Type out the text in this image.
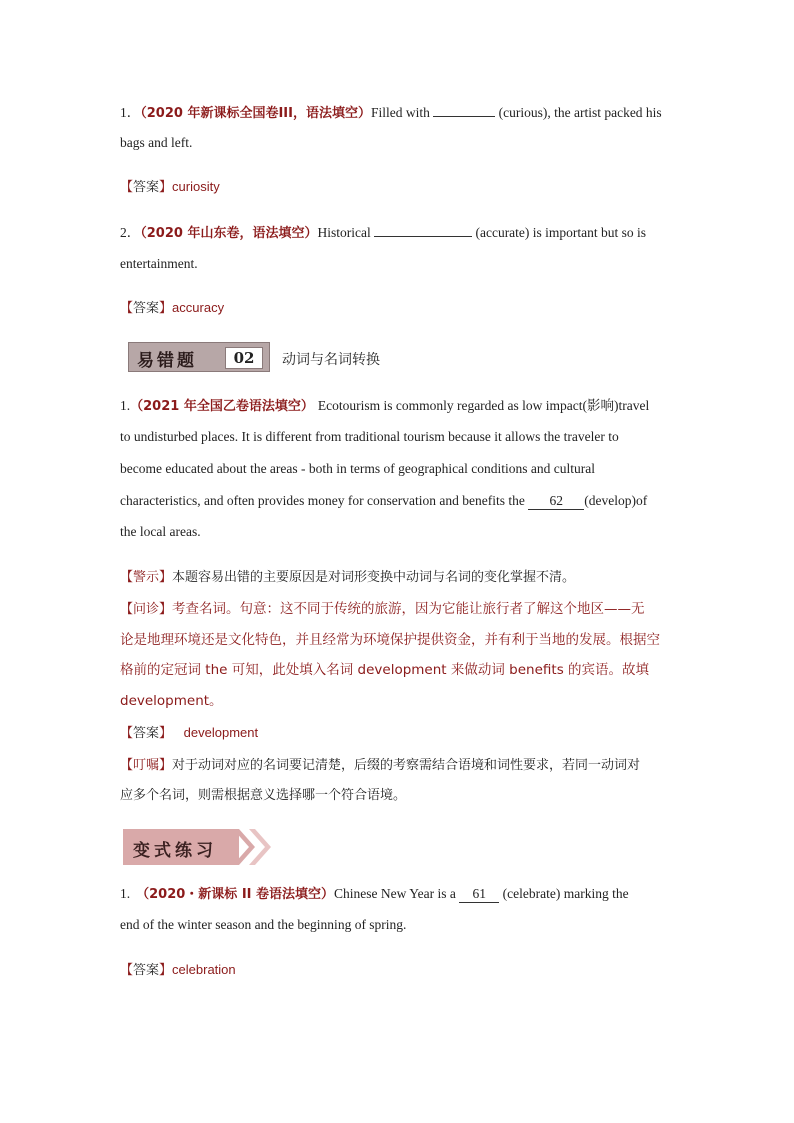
1．（2020 年新课标全国卷III，语法填空）Filled with	(curious), the artist packed his
bags and left.
【答案】curiosity
2．（2020 年山东卷，语法填空）Historical	(accurate) is important but so is
entertainment.
【答案】accuracy
易错题	02	动词与名词转换
1.（2021 年全国乙卷语法填空） Ecotourism is commonly regarded as low impact(影响)travel
to undisturbed places. It is different from traditional tourism because it allows the traveler to
become educated about the areas - both in terms of geographical conditions and cultural
characteristics, and often provides money for conservation and benefits the 62 (develop)of
the local areas.
【警示】本题容易出错的主要原因是对词形变换中动词与名词的变化掌握不清。
【问诊】考查名词。句意：这不同于传统的旅游，因为它能让旅行者了解这个地区——无
论是地理环境还是文化特色，并且经常为环境保护提供资金，并有利于当地的发展。根据空
格前的定冠词 the 可知，此处填入名词 development 来做动词 benefits 的宾语。故填
development。
【答案】 development
【叮嘱】对于动词对应的名词要记清楚，后缀的考察需结合语境和词性要求，若同一动词对
应多个名词，则需根据意义选择哪一个符合语境。
变式练习
1. （2020・新课标 II 卷语法填空）Chinese New Year is a 61 (celebrate) marking the
end of the winter season and the beginning of spring.
【答案】celebration
